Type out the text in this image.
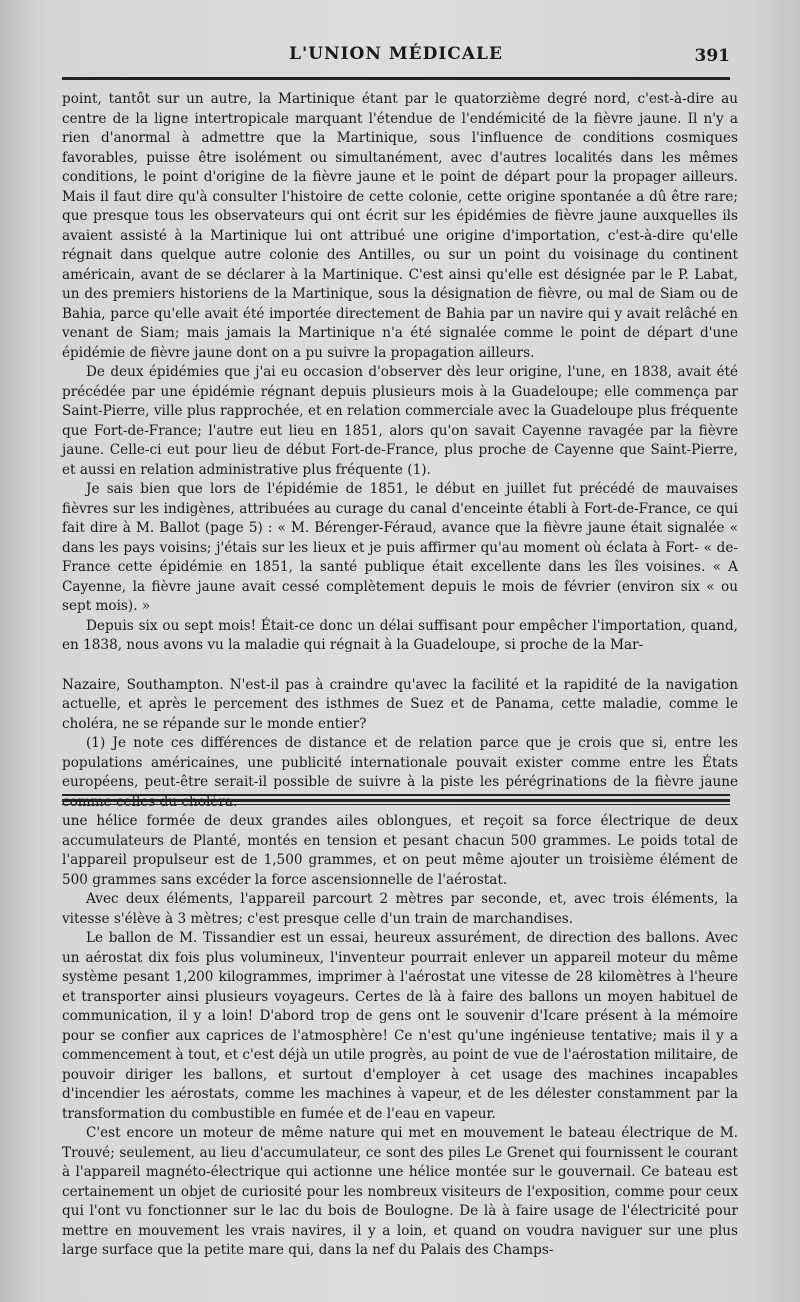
L'UNION MÉDICALE	391

point, tantôt sur un autre, la Martinique étant par le quatorzième degré nord, c'est-à-dire au centre de la ligne intertropicale marquant l'étendue de l'endémicité de la fièvre jaune. Il n'y a rien d'anormal à admettre que la Martinique, sous l'influence de conditions cosmiques favorables, puisse être isolément ou simultanément, avec d'autres localités dans les mêmes conditions, le point d'origine de la fièvre jaune et le point de départ pour la propager ailleurs. Mais il faut dire qu'à consulter l'histoire de cette colonie, cette origine spontanée a dû être rare; que presque tous les observateurs qui ont écrit sur les épidémies de fièvre jaune auxquelles ils avaient assisté à la Martinique lui ont attribué une origine d'importation, c'est-à-dire qu'elle régnait dans quelque autre colonie des Antilles, ou sur un point du voisinage du continent américain, avant de se déclarer à la Martinique. C'est ainsi qu'elle est désignée par le P. Labat, un des premiers historiens de la Martinique, sous la désignation de fièvre, ou mal de Siam ou de Bahia, parce qu'elle avait été importée directement de Bahia par un navire qui y avait relâché en venant de Siam; mais jamais la Martinique n'a été signalée comme le point de départ d'une épidémie de fièvre jaune dont on a pu suivre la propagation ailleurs.

De deux épidémies que j'ai eu occasion d'observer dès leur origine, l'une, en 1838, avait été précédée par une épidémie régnant depuis plusieurs mois à la Guadeloupe; elle commença par Saint-Pierre, ville plus rapprochée, et en relation commerciale avec la Guadeloupe plus fréquente que Fort-de-France; l'autre eut lieu en 1851, alors qu'on savait Cayenne ravagée par la fièvre jaune. Celle-ci eut pour lieu de début Fort-de-France, plus proche de Cayenne que Saint-Pierre, et aussi en relation administrative plus fréquente (1).

Je sais bien que lors de l'épidémie de 1851, le début en juillet fut précédé de mauvaises fièvres sur les indigènes, attribuées au curage du canal d'enceinte établi à Fort-de-France, ce qui fait dire à M. Ballot (page 5) : « M. Bérenger-Féraud, avance que la fièvre jaune était signalée « dans les pays voisins; j'étais sur les lieux et je puis affirmer qu'au moment où éclata à Fort- « de-France cette épidémie en 1851, la santé publique était excellente dans les îles voisines. « A Cayenne, la fièvre jaune avait cessé complètement depuis le mois de février (environ six « ou sept mois). »

Depuis six ou sept mois! Était-ce donc un délai suffisant pour empêcher l'importation, quand, en 1838, nous avons vu la maladie qui régnait à la Guadeloupe, si proche de la Mar-

Nazaire, Southampton. N'est-il pas à craindre qu'avec la facilité et la rapidité de la navigation actuelle, et après le percement des isthmes de Suez et de Panama, cette maladie, comme le choléra, ne se répande sur le monde entier?

(1) Je note ces différences de distance et de relation parce que je crois que si, entre les populations américaines, une publicité internationale pouvait exister comme entre les États européens, peut-être serait-il possible de suivre à la piste les pérégrinations de la fièvre jaune

une hélice formée de deux grandes ailes oblongues, et reçoit sa force électrique de deux accumulateurs de Planté, montés en tension et pesant chacun 500 grammes. Le poids total de l'appareil propulseur est de 1,500 grammes, et on peut même ajouter un troisième élément de 500 grammes sans excéder la force ascensionnelle de l'aérostat.

Avec deux éléments, l'appareil parcourt 2 mètres par seconde, et, avec trois éléments, la vitesse s'élève à 3 mètres; c'est presque celle d'un train de marchandises.

Le ballon de M. Tissandier est un essai, heureux assurément, de direction des ballons. Avec un aérostat dix fois plus volumineux, l'inventeur pourrait enlever un appareil moteur du même système pesant 1,200 kilogrammes, imprimer à l'aérostat une vitesse de 28 kilomètres à l'heure et transporter ainsi plusieurs voyageurs. Certes de là à faire des ballons un moyen habituel de communication, il y a loin! D'abord trop de gens ont le souvenir d'Icare présent à la mémoire pour se confier aux caprices de l'atmosphère! Ce n'est qu'une ingénieuse tentative; mais il y a commencement à tout, et c'est déjà un utile progrès, au point de vue de l'aérostation militaire, de pouvoir diriger les ballons, et surtout d'employer à cet usage des machines incapables d'incendier les aérostats, comme les machines à vapeur, et de les délester constamment par la transformation du combustible en fumée et de l'eau en vapeur.

C'est encore un moteur de même nature qui met en mouvement le bateau électrique de M. Trouvé; seulement, au lieu d'accumulateur, ce sont des piles Le Grenet qui fournissent le courant à l'appareil magnéto-électrique qui actionne une hélice montée sur le gouvernail. Ce bateau est certainement un objet de curiosité pour les nombreux visiteurs de l'exposition, comme pour ceux qui l'ont vu fonctionner sur le lac du bois de Boulogne. De là à faire usage de l'électricité pour mettre en mouvement les vrais navires, il y a loin, et quand on voudra naviguer sur une plus large surface que la petite mare qui, dans la nef du Palais des Champs-
